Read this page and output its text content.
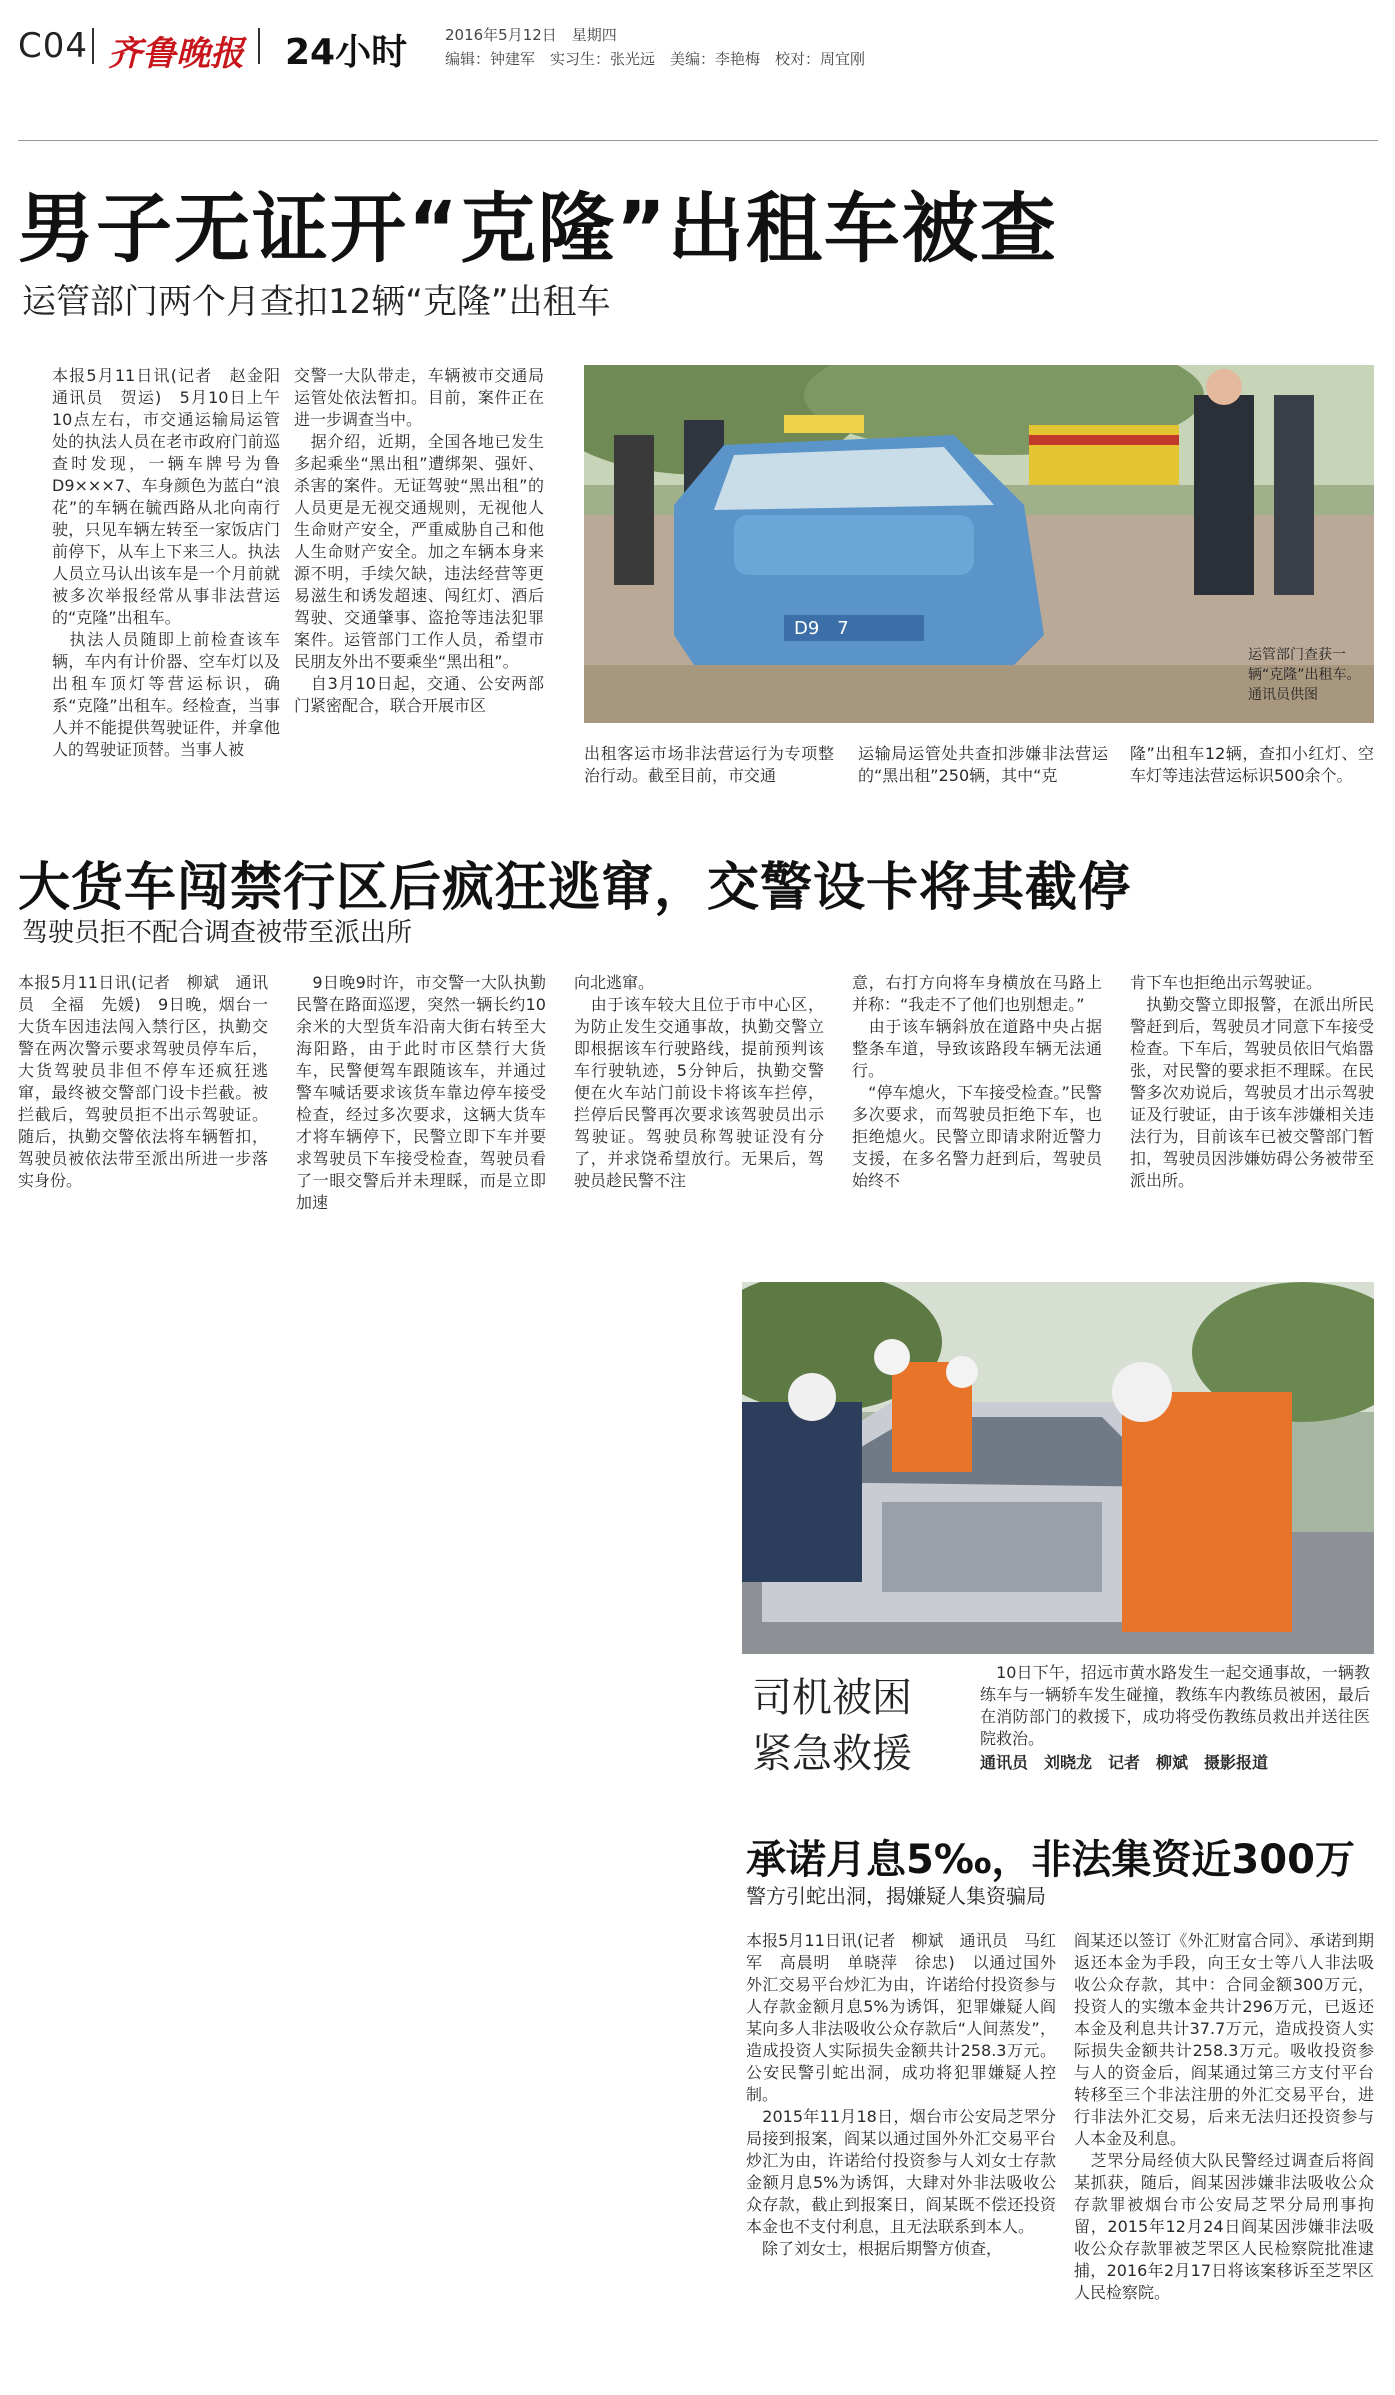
C04 齐鲁晚报 24小时	2016年5月12日　星期四
编辑：钟建军　实习生：张光远　美编：李艳梅　校对：周宜刚
男子无证开“克隆”出租车被查
运管部门两个月查扣12辆“克隆”出租车
本报5月11日讯(记者　赵金阳　通讯员　贺运)　5月10日上午10点左右，市交通运输局运管处的执法人员在老市政府门前巡查时发现，一辆车牌号为鲁D9×××7、车身颜色为蓝白“浪花”的车辆在毓西路从北向南行驶，只见车辆左转至一家饭店门前停下，从车上下来三人。执法人员立马认出该车是一个月前就被多次举报经常从事非法营运的“克隆”出租车。
　执法人员随即上前检查该车辆，车内有计价器、空车灯以及出租车顶灯等营运标识，确系“克隆”出租车。经检查，当事人并不能提供驾驶证件，并拿他人的驾驶证顶替。当事人被
交警一大队带走，车辆被市交通局运管处依法暂扣。目前，案件正在进一步调查当中。
　据介绍，近期，全国各地已发生多起乘坐“黑出租”遭绑架、强奸、杀害的案件。无证驾驶“黑出租”的人员更是无视交通规则，无视他人生命财产安全，严重威胁自己和他人生命财产安全。加之车辆本身来源不明，手续欠缺，违法经营等更易滋生和诱发超速、闯红灯、酒后驾驶、交通肇事、盗抢等违法犯罪案件。运管部门工作人员，希望市民朋友外出不要乘坐“黑出租”。
　自3月10日起，交通、公安两部门紧密配合，联合开展市区
D9　7
运管部门查获一辆“克隆”出租车。通讯员供图
出租客运市场非法营运行为专项整治行动。截至目前，市交通
运输局运管处共查扣涉嫌非法营运的“黑出租”250辆，其中“克
隆”出租车12辆，查扣小红灯、空车灯等违法营运标识500余个。
大货车闯禁行区后疯狂逃窜，交警设卡将其截停
驾驶员拒不配合调查被带至派出所
本报5月11日讯(记者　柳斌　通讯员　全福　先媛)　9日晚，烟台一大货车因违法闯入禁行区，执勤交警在两次警示要求驾驶员停车后，大货驾驶员非但不停车还疯狂逃窜，最终被交警部门设卡拦截。被拦截后，驾驶员拒不出示驾驶证。随后，执勤交警依法将车辆暂扣，驾驶员被依法带至派出所进一步落实身份。
　9日晚9时许，市交警一大队执勤民警在路面巡逻，突然一辆长约10余米的大型货车沿南大街右转至大海阳路，由于此时市区禁行大货车，民警便驾车跟随该车，并通过警车喊话要求该货车靠边停车接受检查，经过多次要求，这辆大货车才将车辆停下，民警立即下车并要求驾驶员下车接受检查，驾驶员看了一眼交警后并未理睬，而是立即加速
向北逃窜。
　由于该车较大且位于市中心区，为防止发生交通事故，执勤交警立即根据该车行驶路线，提前预判该车行驶轨迹，5分钟后，执勤交警便在火车站门前设卡将该车拦停，拦停后民警再次要求该驾驶员出示驾驶证。驾驶员称驾驶证没有分了，并求饶希望放行。无果后，驾驶员趁民警不注
意，右打方向将车身横放在马路上并称：“我走不了他们也别想走。”
　由于该车辆斜放在道路中央占据整条车道，导致该路段车辆无法通行。
　“停车熄火，下车接受检查。”民警多次要求，而驾驶员拒绝下车，也拒绝熄火。民警立即请求附近警力支援，在多名警力赶到后，驾驶员始终不
肯下车也拒绝出示驾驶证。
　执勤交警立即报警，在派出所民警赶到后，驾驶员才同意下车接受检查。下车后，驾驶员依旧气焰嚣张，对民警的要求拒不理睬。在民警多次劝说后，驾驶员才出示驾驶证及行驶证，由于该车涉嫌相关违法行为，目前该车已被交警部门暂扣，驾驶员因涉嫌妨碍公务被带至派出所。
司机被困
紧急救援
　10日下午，招远市黄水路发生一起交通事故，一辆教练车与一辆轿车发生碰撞，教练车内教练员被困，最后在消防部门的救援下，成功将受伤教练员救出并送往医院救治。
通讯员　刘晓龙　记者　柳斌　摄影报道
承诺月息5‰，非法集资近300万
警方引蛇出洞，揭嫌疑人集资骗局
本报5月11日讯(记者　柳斌　通讯员　马红军　高晨明　单晓萍　徐忠)　以通过国外外汇交易平台炒汇为由，许诺给付投资参与人存款金额月息5%为诱饵，犯罪嫌疑人阎某向多人非法吸收公众存款后“人间蒸发”，造成投资人实际损失金额共计258.3万元。公安民警引蛇出洞，成功将犯罪嫌疑人控制。
　2015年11月18日，烟台市公安局芝罘分局接到报案，阎某以通过国外外汇交易平台炒汇为由，许诺给付投资参与人刘女士存款金额月息5%为诱饵，大肆对外非法吸收公众存款，截止到报案日，阎某既不偿还投资本金也不支付利息，且无法联系到本人。
　除了刘女士，根据后期警方侦查，
阎某还以签订《外汇财富合同》、承诺到期返还本金为手段，向王女士等八人非法吸收公众存款，其中：合同金额300万元，投资人的实缴本金共计296万元，已返还本金及利息共计37.7万元，造成投资人实际损失金额共计258.3万元。吸收投资参与人的资金后，阎某通过第三方支付平台转移至三个非法注册的外汇交易平台，进行非法外汇交易，后来无法归还投资参与人本金及利息。
　芝罘分局经侦大队民警经过调查后将阎某抓获，随后，阎某因涉嫌非法吸收公众存款罪被烟台市公安局芝罘分局刑事拘留，2015年12月24日阎某因涉嫌非法吸收公众存款罪被芝罘区人民检察院批准逮捕，2016年2月17日将该案移诉至芝罘区人民检察院。
